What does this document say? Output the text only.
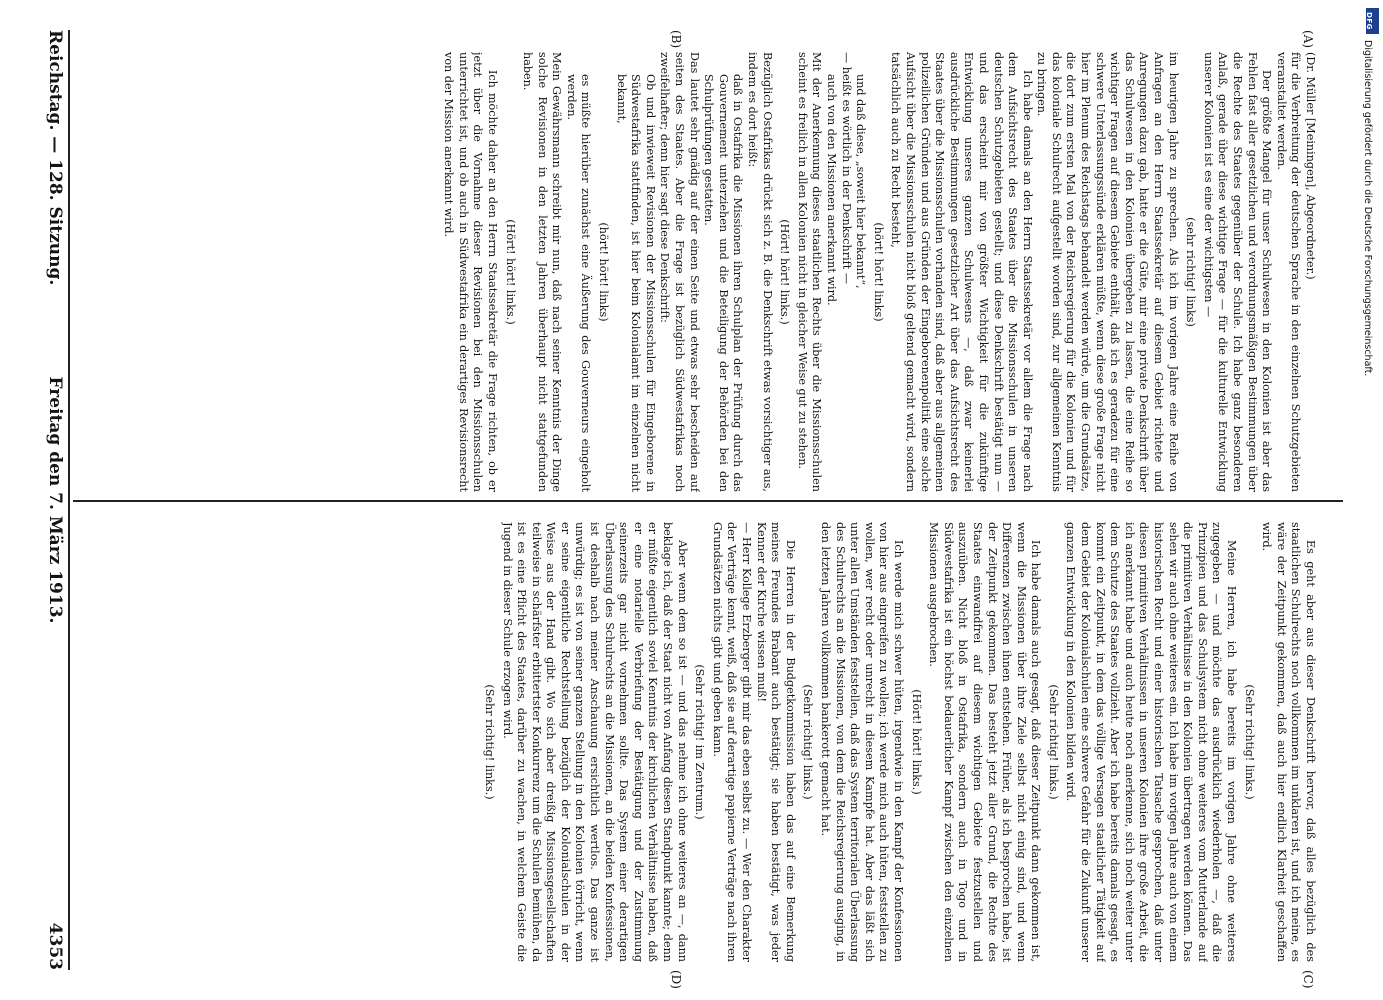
Reichstag. — 128. Sitzung.
Freitag den 7. März 1913.
4353
(A)
(B)
(C)
(D)

(Dr. Müller [Meiningen], Abgeordneter.)

für die Verbreitung der deutschen Sprache in den einzelnen Schutzgebieten veranstaltet werden.

Der größte Mangel für unser Schulwesen in den Kolonien ist aber das Fehlen fast aller gesetzlichen und verordnungsmäßigen Bestimmungen über die Rechte des Staates gegenüber der Schule. Ich habe ganz besonderen Anlaß, gerade über diese wichtige Frage — für die kulturelle Entwicklung unserer Kolonien ist es eine der wichtigsten —

(sehr richtig! links)

im heurigen Jahre zu sprechen. Als ich im vorigen Jahre eine Reihe von Anfragen an den Herrn Staatssekretär auf diesem Gebiet richtete und Anregungen dazu gab, hatte er die Güte, mir eine private Denkschrift über das Schulwesen in den Kolonien übergeben zu lassen, die eine Reihe so wichtiger Fragen auf diesem Gebiete enthält, daß ich es geradezu für eine schwere Unterlassungssünde erklären müßte, wenn diese große Frage nicht hier im Plenum des Reichstags behandelt werden würde, um die Grundsätze, die dort zum ersten Mal von der Reichsregierung für die Kolonien und für das koloniale Schulrecht aufgestellt worden sind, zur allgemeinen Kenntnis zu bringen.

Ich habe damals an den Herrn Staatssekretär vor allem die Frage nach dem Aufsichtsrecht des Staates über die Missionsschulen in unseren deutschen Schutzgebieten gestellt; und diese Denkschrift bestätigt nun — und das erscheint mir von größter Wichtigkeit für die zukünftige Entwicklung unseres ganzen Schulwesens —, daß zwar keinerlei ausdrückliche Bestimmungen gesetzlicher Art über das Aufsichtsrecht des Staates über die Missionsschulen vorhanden sind, daß aber aus allgemeinen polizeilichen Gründen und aus Gründen der Eingeborenenpolitik eine solche Aufsicht über die Missionsschulen nicht bloß geltend gemacht wird, sondern tatsächlich auch zu Recht besteht,

(hört! hört! links)

und daß diese, „soweit hier bekannt“,

— heißt es wörtlich in der Denkschrift —

auch von den Missionen anerkannt wird.

Mit der Anerkennung dieses staatlichen Rechts über die Missionsschulen scheint es freilich in allen Kolonien nicht in gleicher Weise gut zu stehen.

(Hört! hört! links.)

Bezüglich Ostafrikas drückt sich z. B. die Denkschrift etwas vorsichtiger aus, indem es dort heißt:

daß in Ostafrika die Missionen ihren Schulplan der Prüfung durch das Gouvernement unterziehen und die Beteiligung der Behörden bei den Schulprüfungen gestatten.

Das lautet sehr gnädig auf der einen Seite und etwas sehr bescheiden auf seiten des Staates. Aber die Frage ist bezüglich Südwestafrikas noch zweifelhafter; denn hier sagt diese Denkschrift:

Ob und inwieweit Revisionen der Missionsschulen für Eingeborene in Südwestafrika stattfinden, ist hier beim Kolonialamt im einzelnen nicht bekannt,

(hört! hört! links)

es müßte hierüber zunächst eine Äußerung des Gouverneurs eingeholt werden.

Mein Gewährsmann schreibt mir nun, daß nach seiner Kenntnis der Dinge solche Revisionen in den letzten Jahren überhaupt nicht stattgefunden haben.

(Hört! hört! links.)

Ich möchte daher an den Herrn Staatssekretär die Frage richten, ob er jetzt über die Vornahme dieser Revisionen bei den Missionsschulen unterrichtet ist, und ob auch in Südwestafrika ein derartiges Revisionsrecht von der Mission anerkannt wird.

Es geht aber aus dieser Denkschrift hervor, daß alles bezüglich des staatlichen Schulrechts noch vollkommen im unklaren ist, und ich meine, es wäre der Zeitpunkt gekommen, daß auch hier endlich Klarheit geschaffen wird.

(Sehr richtig! links.)

Meine Herren, ich habe bereits im vorigen Jahre ohne weiteres zugegeben — und möchte das ausdrücklich wiederholen —, daß die Prinzipien und das Schulsystem nicht ohne weiteres vom Mutterlande auf die primitiven Verhältnisse in den Kolonien übertragen werden können. Das sehen wir auch ohne weiteres ein. Ich habe im vorigen Jahre auch von einem historischen Recht und einer historischen Tatsache gesprochen, daß unter diesen primitiven Verhältnissen in unseren Kolonien ihre große Arbeit, die ich anerkannt habe und auch heute noch anerkenne, sich noch weiter unter dem Schutze des Staates vollzieht. Aber ich habe bereits damals gesagt, es kommt ein Zeitpunkt, in dem das völlige Versagen staatlicher Tätigkeit auf dem Gebiet der Kolonialschulen eine schwere Gefahr für die Zukunft unserer ganzen Entwicklung in den Kolonien bilden wird.

(Sehr richtig! links.)

Ich habe damals auch gesagt, daß dieser Zeitpunkt dann gekommen ist, wenn die Missionen über ihre Ziele selbst nicht einig sind, und wenn Differenzen zwischen ihnen entstehen. Früher, als ich besprochen habe, ist der Zeitpunkt gekommen. Das besteht jetzt aller Grund, die Rechte des Staates einwandfrei auf diesem wichtigen Gebiete festzustellen und auszuüben. Nicht bloß in Ostafrika, sondern auch in Togo und in Südwestafrika ist ein höchst bedauerlicher Kampf zwischen den einzelnen Missionen ausgebrochen.

(Hört! hört! links.)

Ich werde mich schwer hüten, irgendwie in den Kampf der Konfessionen von hier aus eingreifen zu wollen; ich werde mich auch hüten, feststellen zu wollen, wer recht oder unrecht in diesem Kampfe hat. Aber das läßt sich unter allen Umständen feststellen, daß das System territorialen Überlassung des Schulrechts an die Missionen, von dem die Reichsregierung ausging, in den letzten Jahren vollkommen bankerott gemacht hat.

(Sehr richtig! links.)

Die Herren in der Budgetkommission haben das auf eine Bemerkung meines Freundes Brabant auch bestätigt; sie haben bestätigt, was jeder Kenner der Kirche wissen muß!

— Herr Kollege Erzberger gibt mir das eben selbst zu. — Wer den Charakter der Verträge kennt, weiß, daß sie auf derartige papierne Verträge nach ihren Grundsätzen nichts gibt und geben kann.

(Sehr richtig! im Zentrum.)

Aber wenn dem so ist — und das nehme ich ohne weiteres an —, dann beklage ich, daß der Staat nicht von Anfang diesen Standpunkt kannte; denn er müßte eigentlich soviel Kenntnis der kirchlichen Verhältnisse haben, daß er eine notarielle Verbriefung der Bestätigung und der Zustimmung seinerzeits gar nicht vornehmen sollte. Das System einer derartigen Überlassung des Schulrechts an die Missionen, an die beiden Konfessionen, ist deshalb nach meiner Anschauung ersichtlich wertlos. Das ganze ist unwürdig; es ist von seiner ganzen Stellung in den Kolonien törricht, wenn er seine eigentliche Rechtstellung bezüglich der Kolonialschulen in der Weise aus der Hand gibt. Wo sich aber dreißig Missionsgesellschaften teilweise in schärfster erbittertster Konkurrenz um die Schulen bemühen, da ist es eine Pflicht des Staates, darüber zu wachen, in welchem Geiste die Jugend in dieser Schule erzogen wird.

(Sehr richtig! links.)

DFG
Digitalisierung gefördert durch die Deutsche Forschungsgemeinschaft.
